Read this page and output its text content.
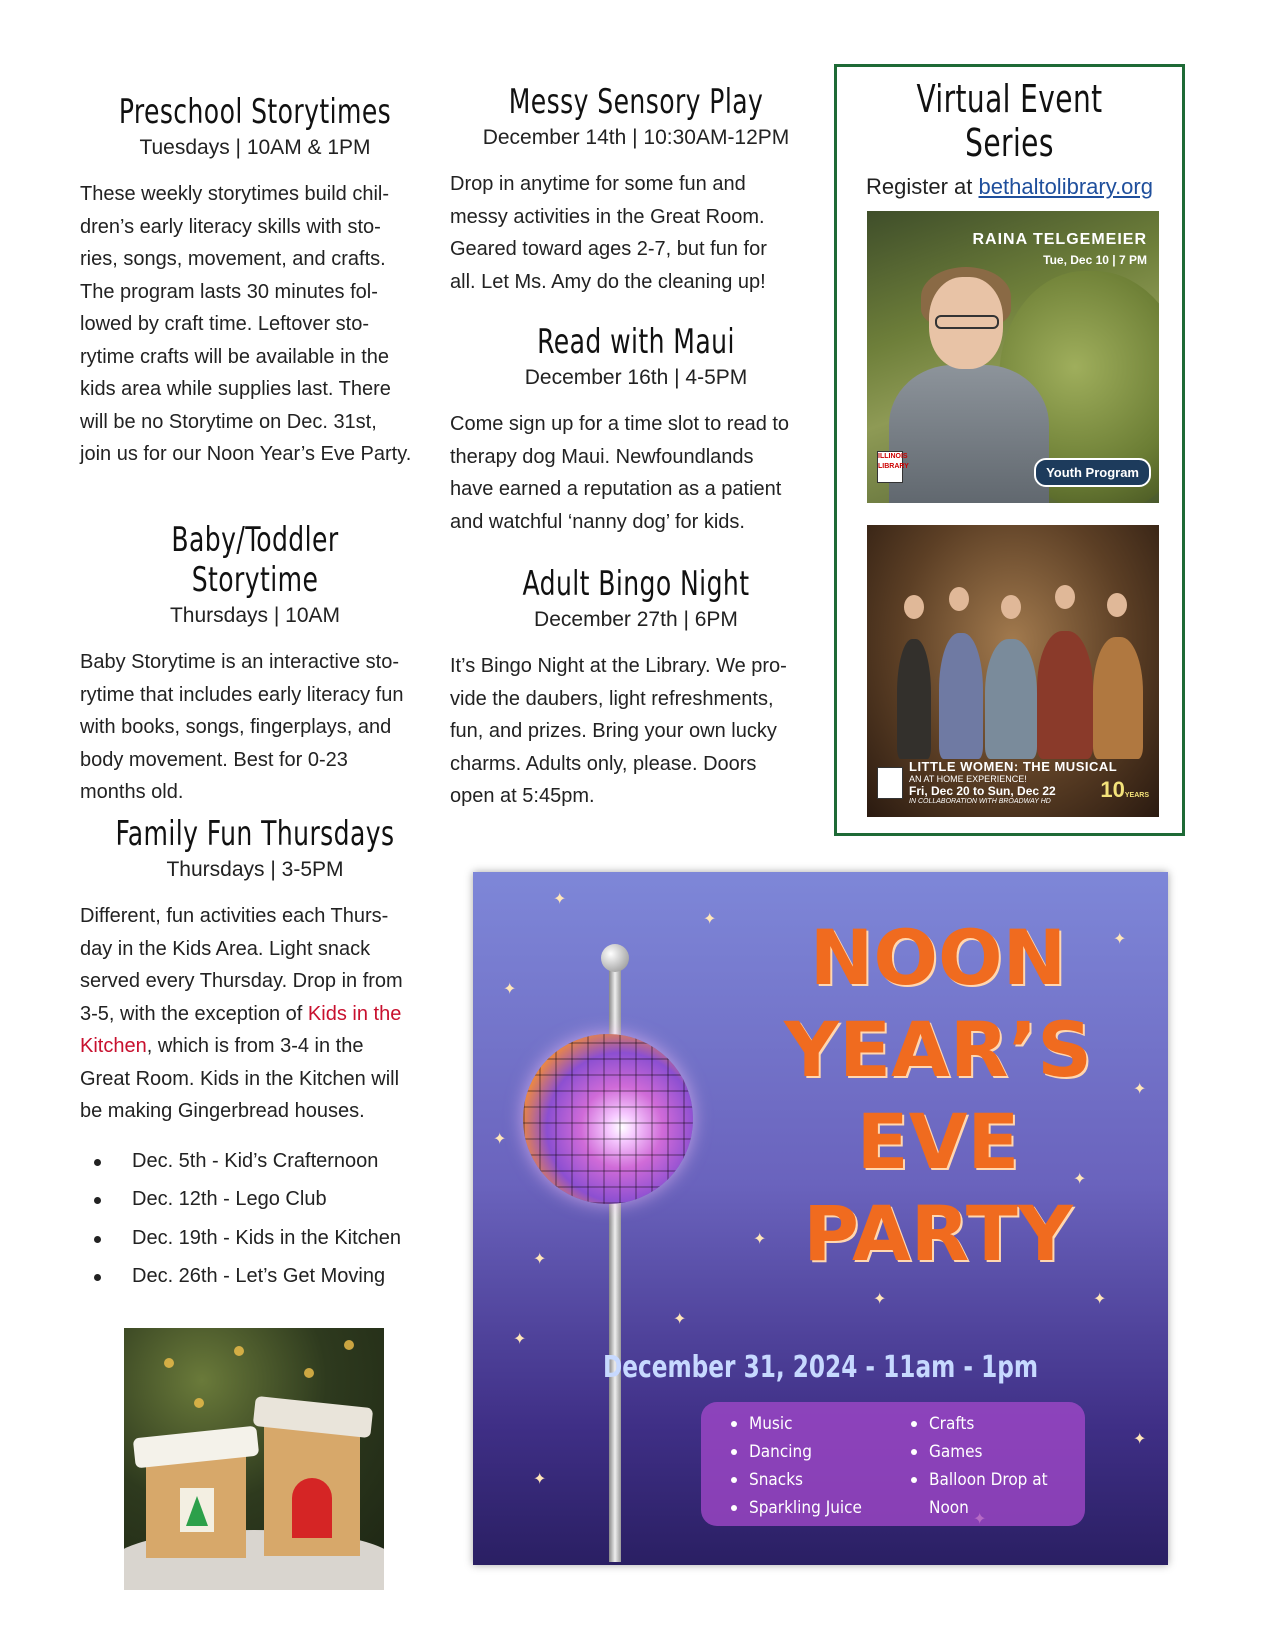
Preschool Storytimes
Tuesdays | 10AM & 1PM

These weekly storytimes build chil-
dren’s early literacy skills with sto-
ries, songs, movement, and crafts.
The program lasts 30 minutes fol-
lowed by craft time. Leftover sto-
rytime crafts will be available in the
kids area while supplies last. There
will be no Storytime on Dec. 31st,
join us for our Noon Year’s Eve Party.

Baby/Toddler Storytime
Thursdays | 10AM

Baby Storytime is an interactive sto-
rytime that includes early literacy fun
with books, songs, fingerplays, and
body movement. Best for 0-23
months old.

Family Fun Thursdays
Thursdays | 3-5PM

Different, fun activities each Thurs-
day in the Kids Area. Light snack
served every Thursday. Drop in from
3-5, with the exception of Kids in the
Kitchen, which is from 3-4 in the
Great Room. Kids in the Kitchen will
be making Gingerbread houses.

Dec. 5th - Kid’s Crafternoon
Dec. 12th - Lego Club
Dec. 19th - Kids in the Kitchen
Dec. 26th - Let’s Get Moving
Messy Sensory Play
December 14th | 10:30AM-12PM

Drop in anytime for some fun and
messy activities in the Great Room.
Geared toward ages 2-7, but fun for
all. Let Ms. Amy do the cleaning up!

Read with Maui
December 16th | 4-5PM

Come sign up for a time slot to read to
therapy dog Maui. Newfoundlands
have earned a reputation as a patient
and watchful ‘nanny dog’ for kids.

Adult Bingo Night
December 27th | 6PM

It’s Bingo Night at the Library. We pro-
vide the daubers, light refreshments,
fun, and prizes. Bring your own lucky
charms. Adults only, please. Doors
open at 5:45pm.

Virtual Event Series
Register at bethaltolibrary.org

RAINA TELGEMEIER
Tue, Dec 10 | 7 PM
ILLINOIS LIBRARY	Youth Program
LITTLE WOMEN: THE MUSICAL
AN AT HOME EXPERIENCE!
Fri, Dec 20 to Sun, Dec 22
IN COLLABORATION WITH BROADWAY HD	10YEARS
✦
✦
✦
✦
✦
✦
✦
✦
✦
✦
✦
✦
✦
✦
✦
NOON
YEAR’S
EVE
PARTY
December 31, 2024 - 11am - 1pm
Music
Dancing
Snacks
Sparkling Juice
Crafts
Games
Balloon Drop at
Noon
